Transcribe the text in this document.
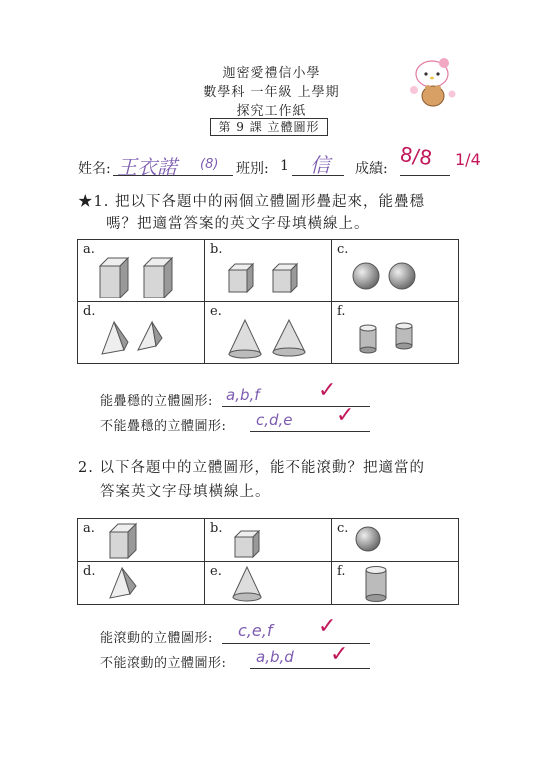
迦密愛禮信小學
數學科 一年級 上學期
探究工作紙
第 9 課 立體圖形
8/8 1/4
姓名: 王衣諾 (8) 班別: 1 信 成績:
★1. 把以下各題中的兩個立體圖形疊起來，能疊穩
嗎？把適當答案的英文字母填橫線上。
a.	b.	c.

d.	e.	f.
能疊穩的立體圖形: a,b,f	✓
不能疊穩的立體圖形: c,d,e ✓
2. 以下各題中的立體圖形，能不能滾動？把適當的
答案英文字母填橫線上。
a.	b.	c.

d.	e.	f.
能滾動的立體圖形: c,e,f ✓
不能滾動的立體圖形: a,b,d ✓
